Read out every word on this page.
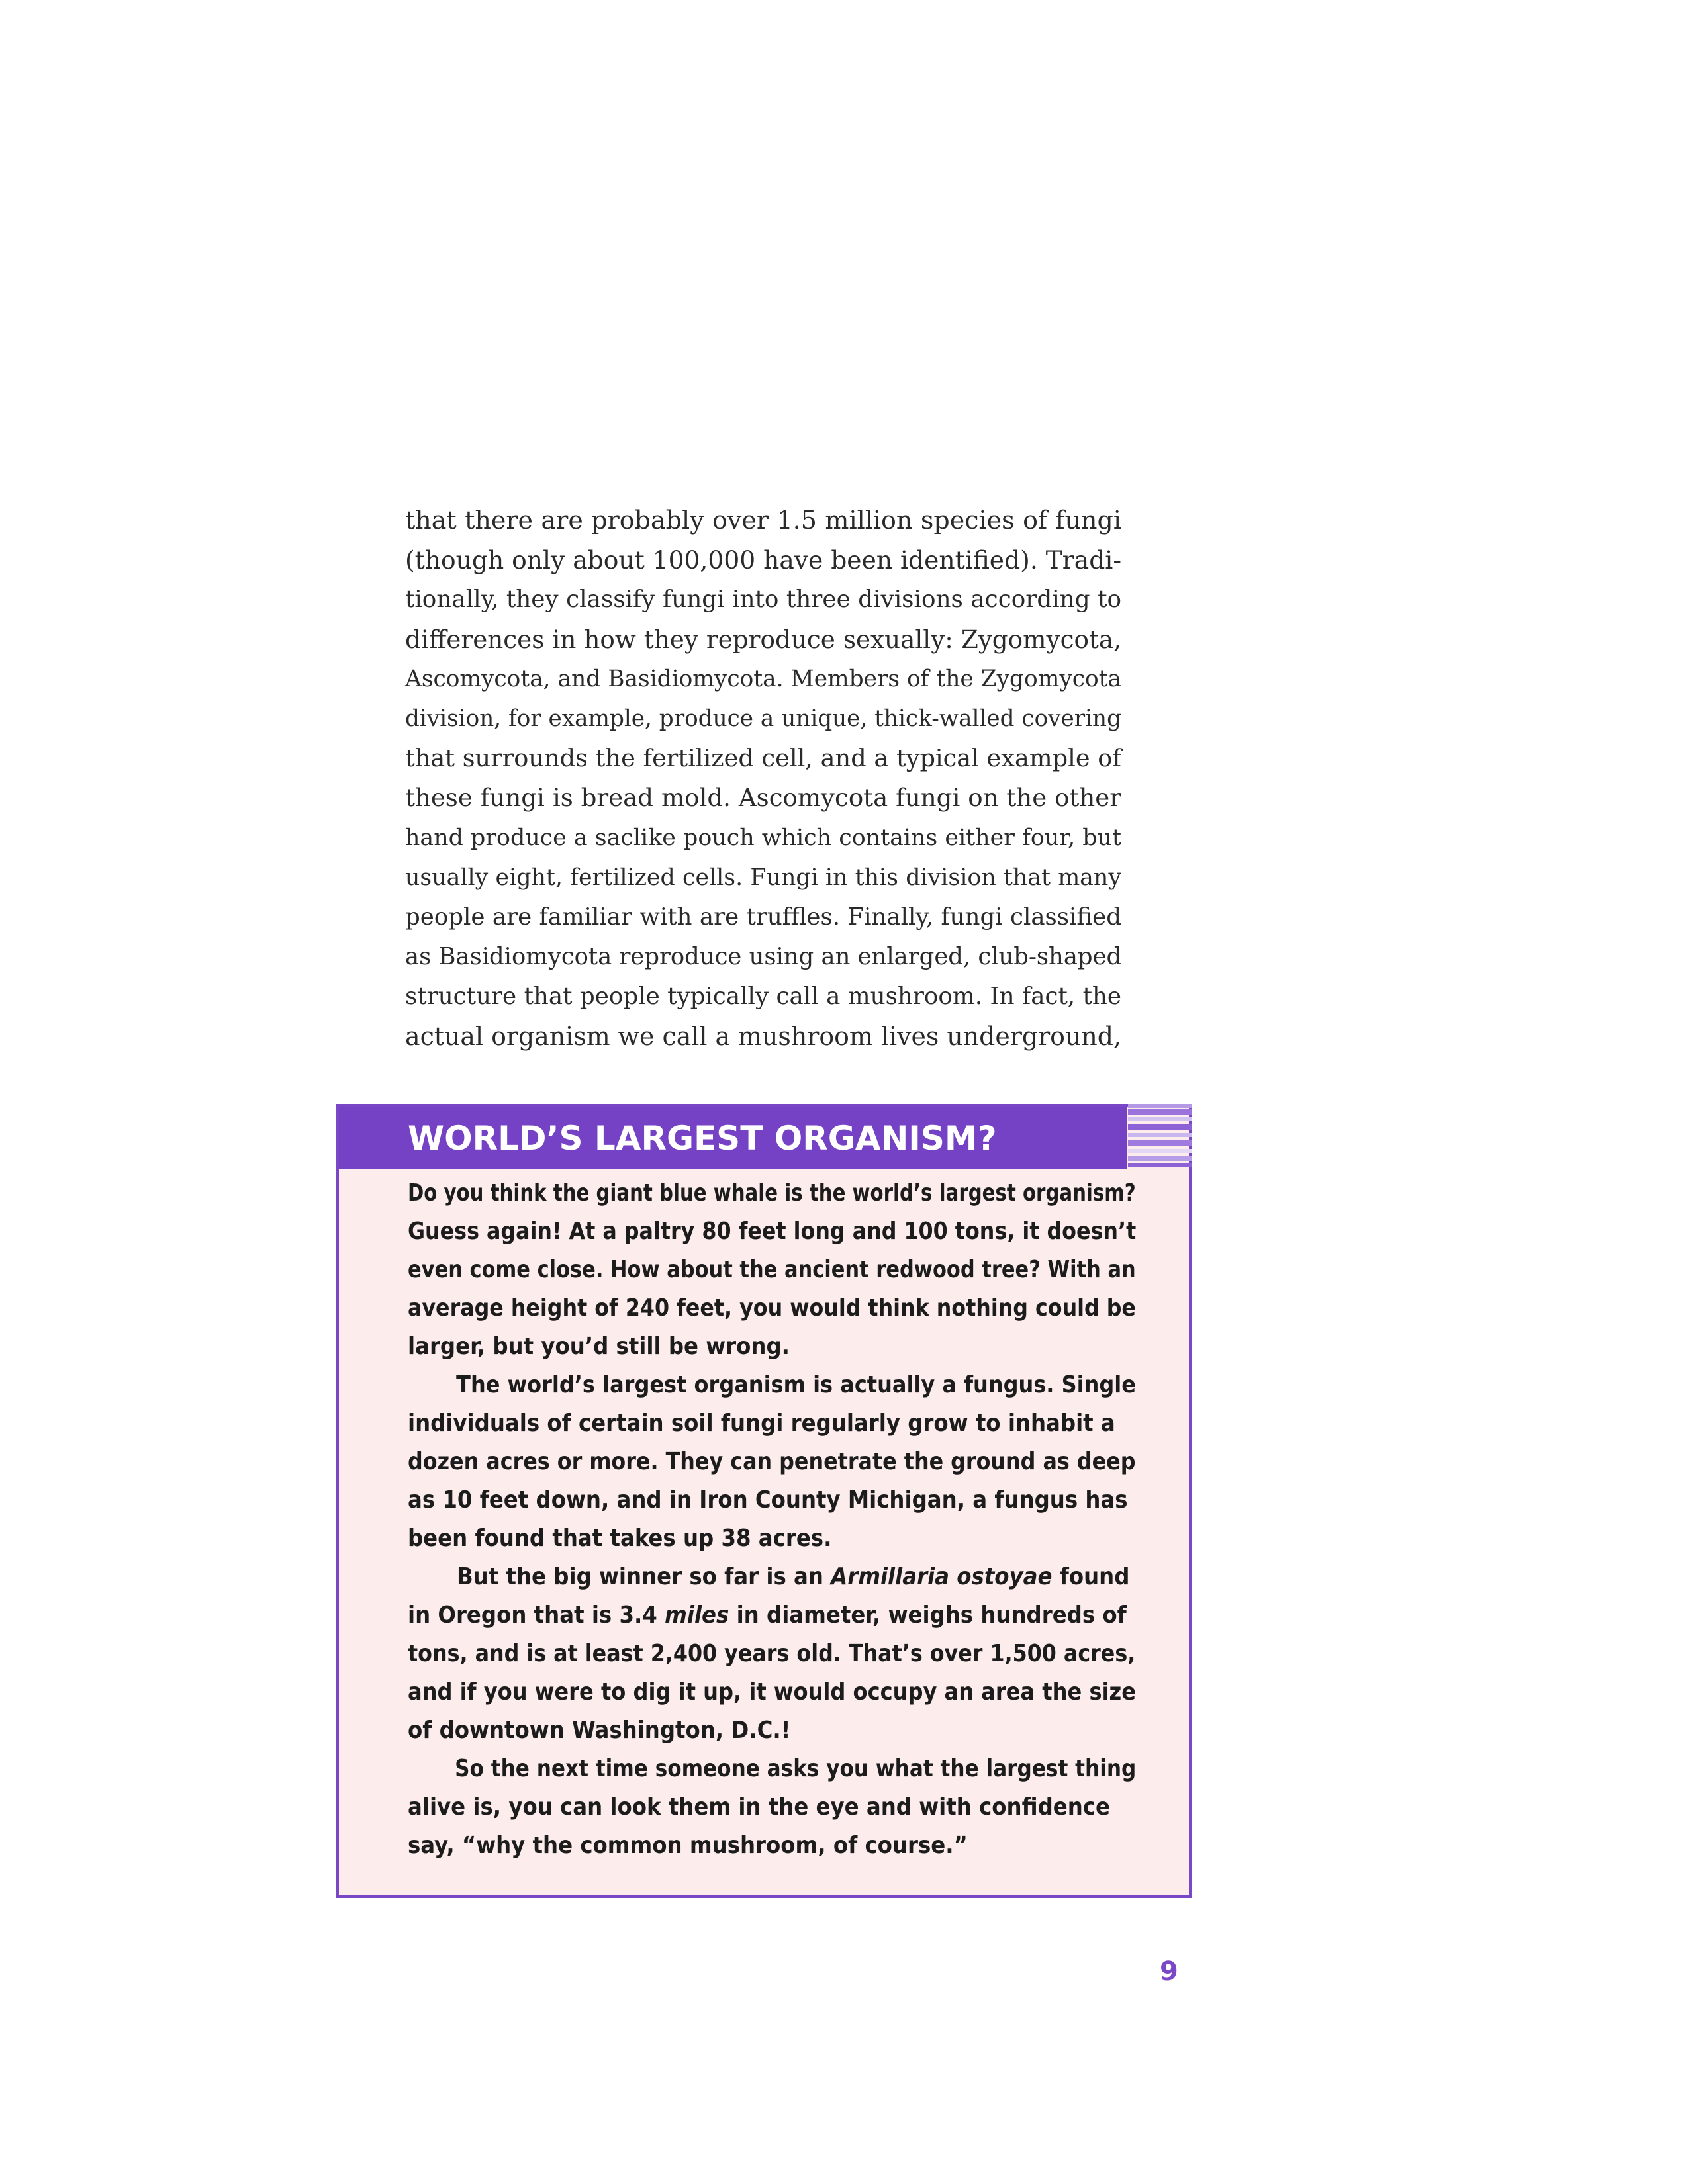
that there are probably over 1.5 million species of fungi
(though only about 100,000 have been identified). Tradi-
tionally, they classify fungi into three divisions according to
differences in how they reproduce sexually: Zygomycota,
Ascomycota, and Basidiomycota. Members of the Zygomycota
division, for example, produce a unique, thick-walled covering
that surrounds the fertilized cell, and a typical example of
these fungi is bread mold. Ascomycota fungi on the other
hand produce a saclike pouch which contains either four, but
usually eight, fertilized cells. Fungi in this division that many
people are familiar with are truffles. Finally, fungi classified
as Basidiomycota reproduce using an enlarged, club-shaped
structure that people typically call a mushroom. In fact, the
actual organism we call a mushroom lives underground,
WORLD’S LARGEST ORGANISM?
Do you think the giant blue whale is the world’s largest organism?
Guess again! At a paltry 80 feet long and 100 tons, it doesn’t
even come close. How about the ancient redwood tree? With an
average height of 240 feet, you would think nothing could be
larger, but you’d still be wrong.
The world’s largest organism is actually a fungus. Single
individuals of certain soil fungi regularly grow to inhabit a
dozen acres or more. They can penetrate the ground as deep
as 10 feet down, and in Iron County Michigan, a fungus has
been found that takes up 38 acres.
But the big winner so far is an Armillaria ostoyae found
in Oregon that is 3.4 miles in diameter, weighs hundreds of
tons, and is at least 2,400 years old. That’s over 1,500 acres,
and if you were to dig it up, it would occupy an area the size
of downtown Washington, D.C.!
So the next time someone asks you what the largest thing
alive is, you can look them in the eye and with confidence
say, “why the common mushroom, of course.”
9
